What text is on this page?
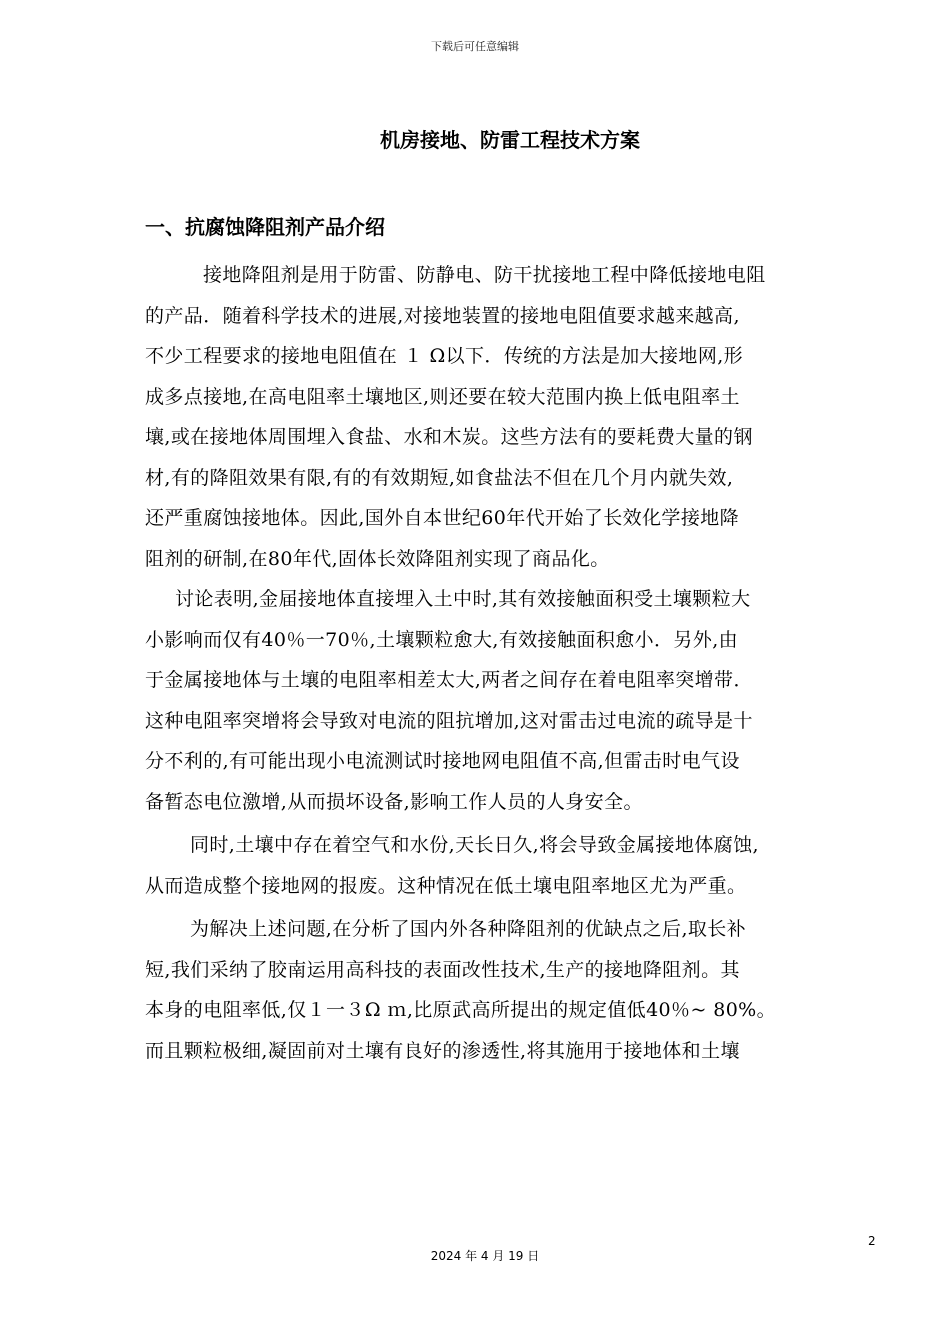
下载后可任意编辑
机房接地、防雷工程技术方案
一、抗腐蚀降阻剂产品介绍
接地降阻剂是用于防雷、防静电、防干扰接地工程中降低接地电阻
的产品．随着科学技术的进展,对接地装置的接地电阻值要求越来越高,
不少工程要求的接地电阻值在 １ Ω以下．传统的方法是加大接地网,形
成多点接地,在高电阻率土壤地区,则还要在较大范围内换上低电阻率土
壤,或在接地体周围埋入食盐、水和木炭。这些方法有的要耗费大量的钢
材,有的降阻效果有限,有的有效期短,如食盐法不但在几个月内就失效,
还严重腐蚀接地体。因此,国外自本世纪60年代开始了长效化学接地降
阻剂的研制,在80年代,固体长效降阻剂实现了商品化。
讨论表明,金届接地体直接埋入土中时,其有效接触面积受土壤颗粒大
小影响而仅有40％一70％,土壤颗粒愈大,有效接触面积愈小．另外,由
于金属接地体与土壤的电阻率相差太大,两者之间存在着电阻率突增带．
这种电阻率突增将会导致对电流的阻抗增加,这对雷击过电流的疏导是十
分不利的,有可能出现小电流测试时接地网电阻值不高,但雷击时电气设
备暂态电位激增,从而损坏设备,影响工作人员的人身安全。
同时,土壤中存在着空气和水份,天长日久,将会导致金属接地体腐蚀,
从而造成整个接地网的报废。这种情况在低土壤电阻率地区尤为严重。
为解决上述问题,在分析了国内外各种降阻剂的优缺点之后,取长补
短,我们采纳了胶南运用高科技的表面改性技术,生产的接地降阻剂。其
本身的电阻率低,仅１一３Ω ｍ,比原武高所提出的规定值低40％~ 80%。
而且颗粒极细,凝固前对土壤有良好的渗透性,将其施用于接地体和土壤
2
2024 年 4 月 19 日
